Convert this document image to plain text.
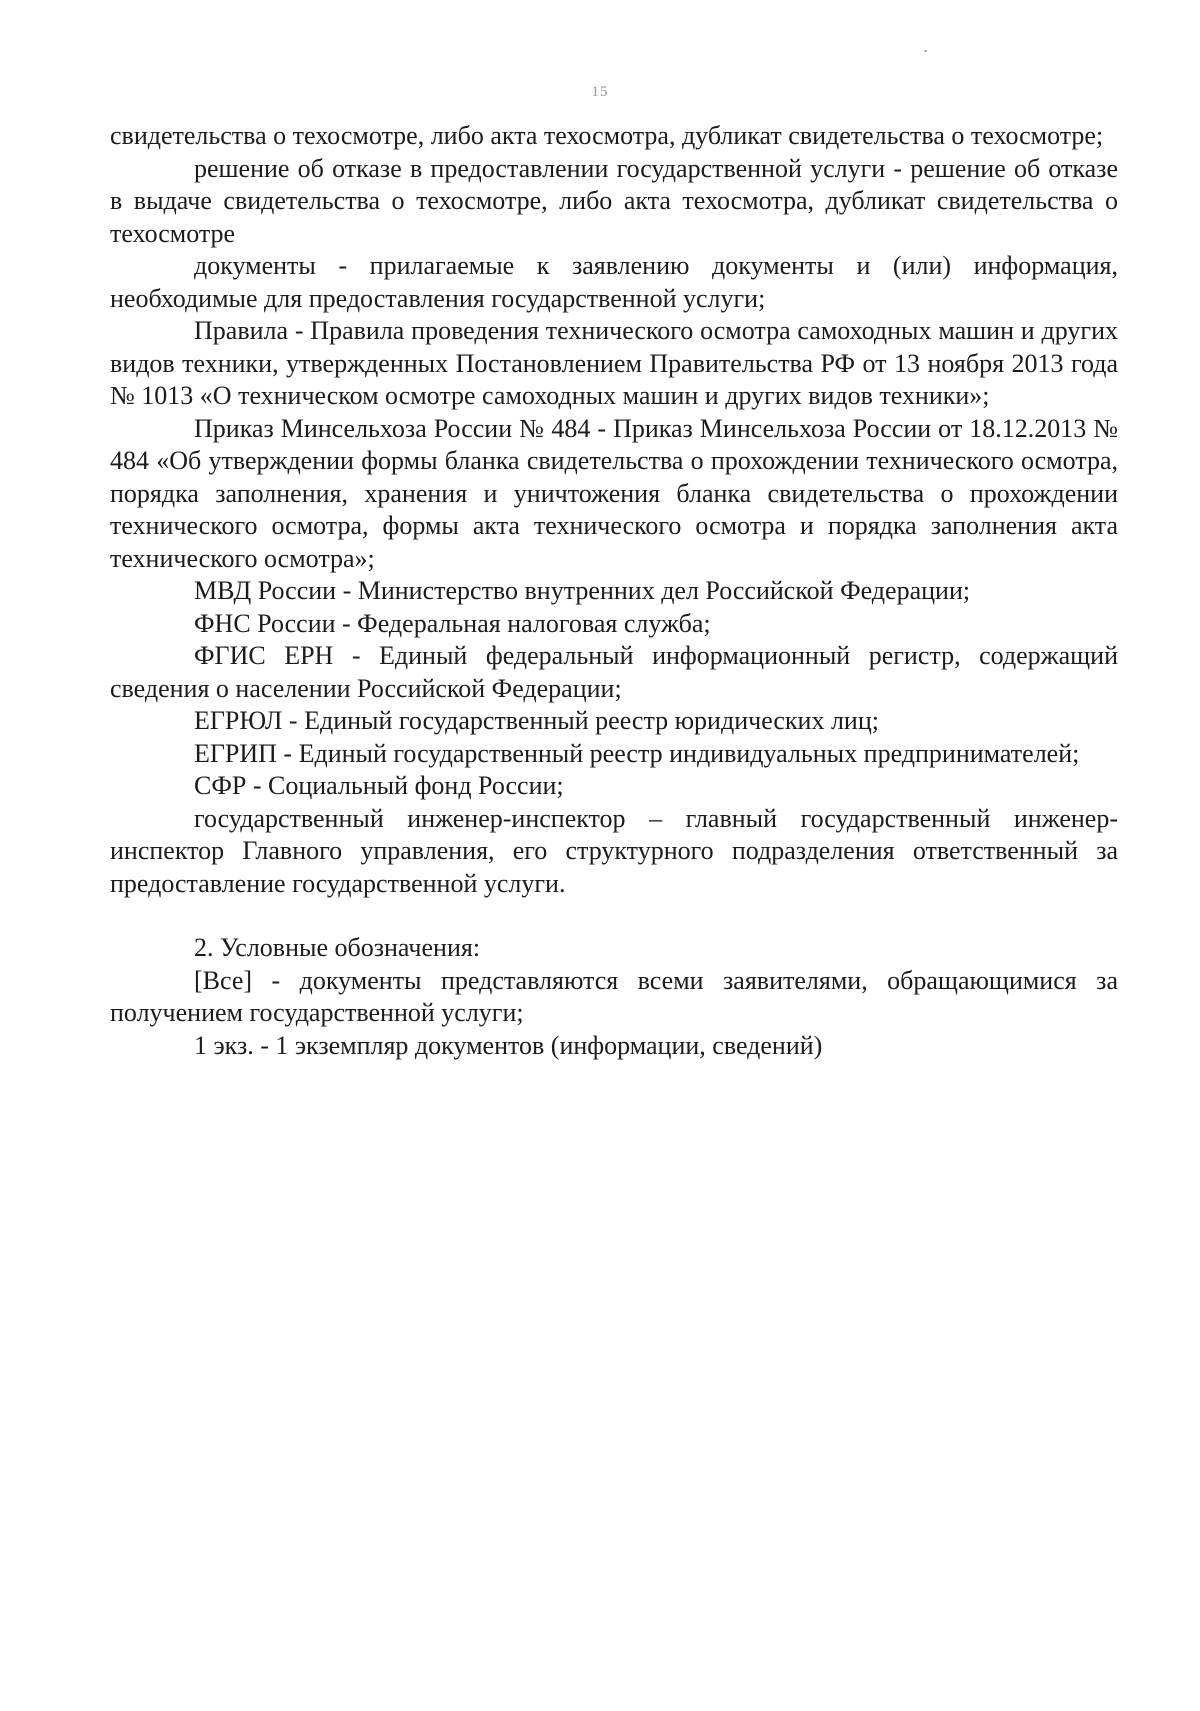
15

свидетельства о техосмотре, либо акта техосмотра, дубликат свидетельства о техосмотре;

решение об отказе в предоставлении государственной услуги - решение об отказе в выдаче свидетельства о техосмотре, либо акта техосмотра, дубликат свидетельства о техосмотре

документы - прилагаемые к заявлению документы и (или) информация, необходимые для предоставления государственной услуги;

Правила - Правила проведения технического осмотра самоходных машин и других видов техники, утвержденных Постановлением Правительства РФ от 13 ноября 2013 года № 1013 «О техническом осмотре самоходных машин и других видов техники»;

Приказ Минсельхоза России № 484 - Приказ Минсельхоза России от 18.12.2013 № 484 «Об утверждении формы бланка свидетельства о прохождении технического осмотра, порядка заполнения, хранения и уничтожения бланка свидетельства о прохождении технического осмотра, формы акта технического осмотра и порядка заполнения акта технического осмотра»;

МВД России - Министерство внутренних дел Российской Федерации;

ФНС России - Федеральная налоговая служба;

ФГИС ЕРН - Единый федеральный информационный регистр, содержащий сведения о населении Российской Федерации;

ЕГРЮЛ - Единый государственный реестр юридических лиц;

ЕГРИП - Единый государственный реестр индивидуальных предпринимателей;

СФР - Социальный фонд России;

государственный инженер-инспектор – главный государственный инженер-инспектор Главного управления, его структурного подразделения ответственный за предоставление государственной услуги.

2. Условные обозначения:

[Все] - документы представляются всеми заявителями, обращающимися за получением государственной услуги;

1 экз. - 1 экземпляр документов (информации, сведений)
